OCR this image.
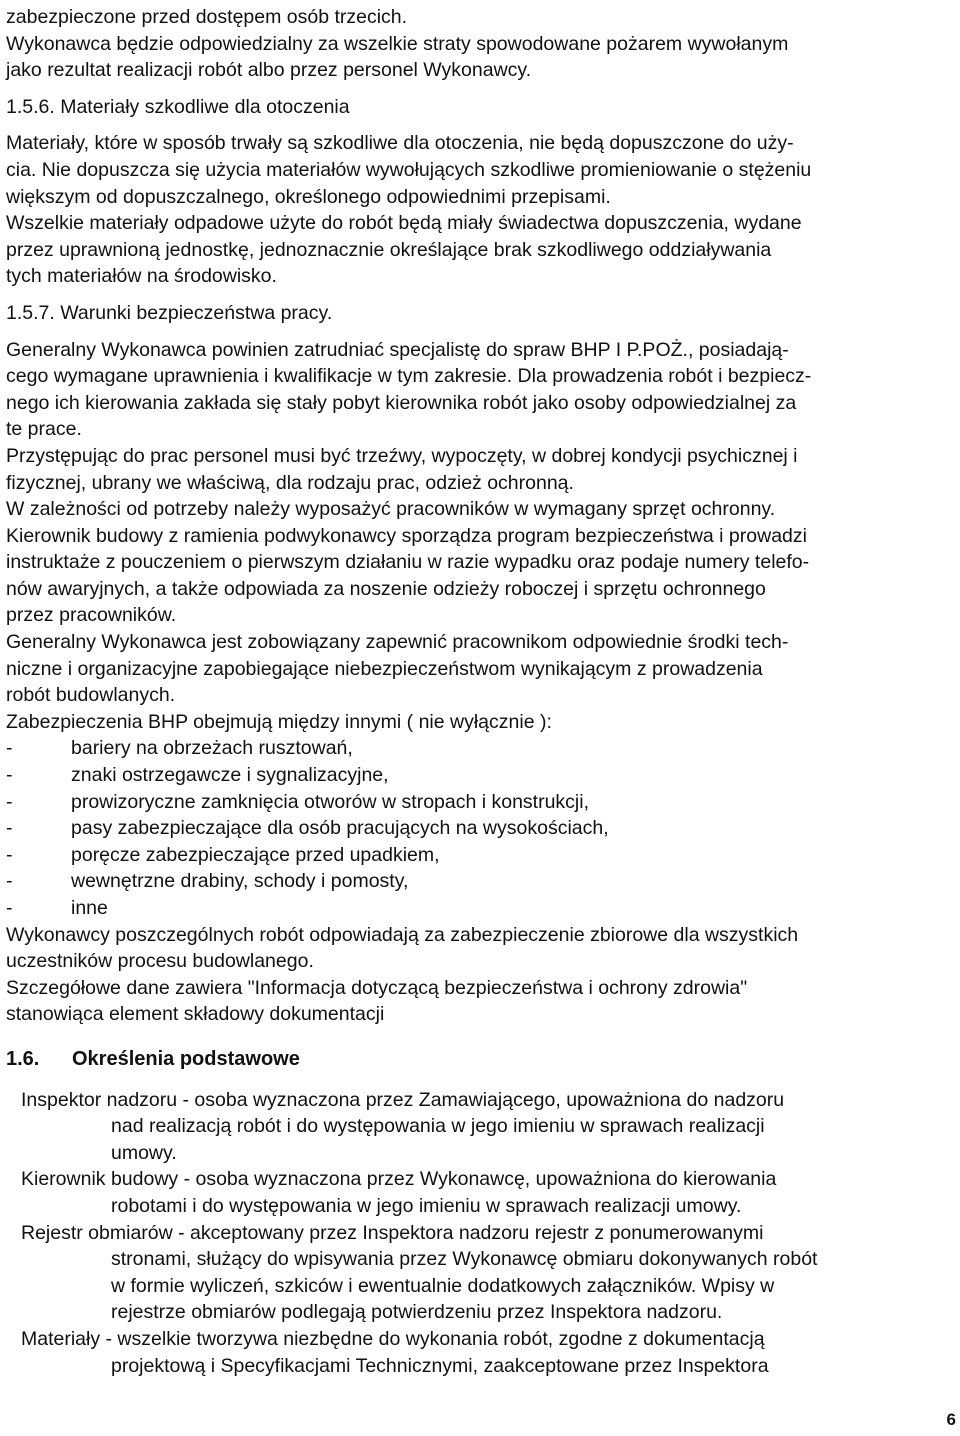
zabezpieczone przed dostępem osób trzecich.
Wykonawca będzie odpowiedzialny za wszelkie straty spowodowane pożarem wywołanym
jako rezultat realizacji robót albo przez personel Wykonawcy.
1.5.6. Materiały szkodliwe dla otoczenia
Materiały, które w sposób trwały są szkodliwe dla otoczenia, nie będą dopuszczone do uży-
cia. Nie dopuszcza się użycia materiałów wywołujących szkodliwe promieniowanie o stężeniu
większym od dopuszczalnego, określonego odpowiednimi przepisami.
Wszelkie materiały odpadowe użyte do robót będą miały świadectwa dopuszczenia, wydane
przez uprawnioną jednostkę, jednoznacznie określające brak szkodliwego oddziaływania
tych materiałów na środowisko.
1.5.7. Warunki bezpieczeństwa pracy.
Generalny Wykonawca powinien zatrudniać specjalistę do spraw BHP I P.POŻ., posiadają-
cego wymagane uprawnienia i kwalifikacje w tym zakresie. Dla prowadzenia robót i bezpiecz-
nego ich kierowania zakłada się stały pobyt kierownika robót jako osoby odpowiedzialnej za
te prace.
Przystępując do prac personel musi być trzeźwy, wypoczęty, w dobrej kondycji psychicznej i
fizycznej, ubrany we właściwą, dla rodzaju prac, odzież ochronną.
W zależności od potrzeby należy wyposażyć pracowników w wymagany sprzęt ochronny.
Kierownik budowy z ramienia podwykonawcy sporządza program bezpieczeństwa i prowadzi
instruktaże z pouczeniem o pierwszym działaniu w razie wypadku oraz podaje numery telefo-
nów awaryjnych, a także odpowiada za noszenie odzieży roboczej i sprzętu ochronnego
przez pracowników.
Generalny Wykonawca jest zobowiązany zapewnić pracownikom odpowiednie środki tech-
niczne i organizacyjne zapobiegające niebezpieczeństwom wynikającym z prowadzenia
robót budowlanych.
Zabezpieczenia BHP obejmują między innymi ( nie wyłącznie ):
-	bariery na obrzeżach rusztowań,
-	znaki ostrzegawcze i sygnalizacyjne,
-	prowizoryczne zamknięcia otworów w stropach i konstrukcji,
-	pasy zabezpieczające dla osób pracujących na wysokościach,
-	poręcze zabezpieczające przed upadkiem,
-	wewnętrzne drabiny, schody i pomosty,
-	inne
Wykonawcy poszczególnych robót odpowiadają za zabezpieczenie zbiorowe dla wszystkich
uczestników procesu budowlanego.
Szczegółowe dane zawiera "Informacja dotyczącą bezpieczeństwa i ochrony zdrowia"
stanowiąca element składowy dokumentacji
1.6. Określenia podstawowe
Inspektor nadzoru - osoba wyznaczona przez Zamawiającego, upoważniona do nadzoru
nad realizacją robót i do występowania w jego imieniu w sprawach realizacji
umowy.
Kierownik budowy - osoba wyznaczona przez Wykonawcę, upoważniona do kierowania
robotami i do występowania w jego imieniu w sprawach realizacji umowy.
Rejestr obmiarów - akceptowany przez Inspektora nadzoru rejestr z ponumerowanymi
stronami, służący do wpisywania przez Wykonawcę obmiaru dokonywanych robót
w formie wyliczeń, szkiców i ewentualnie dodatkowych załączników. Wpisy w
rejestrze obmiarów podlegają potwierdzeniu przez Inspektora nadzoru.
Materiały - wszelkie tworzywa niezbędne do wykonania robót, zgodne z dokumentacją
projektową i Specyfikacjami Technicznymi, zaakceptowane przez Inspektora
6
